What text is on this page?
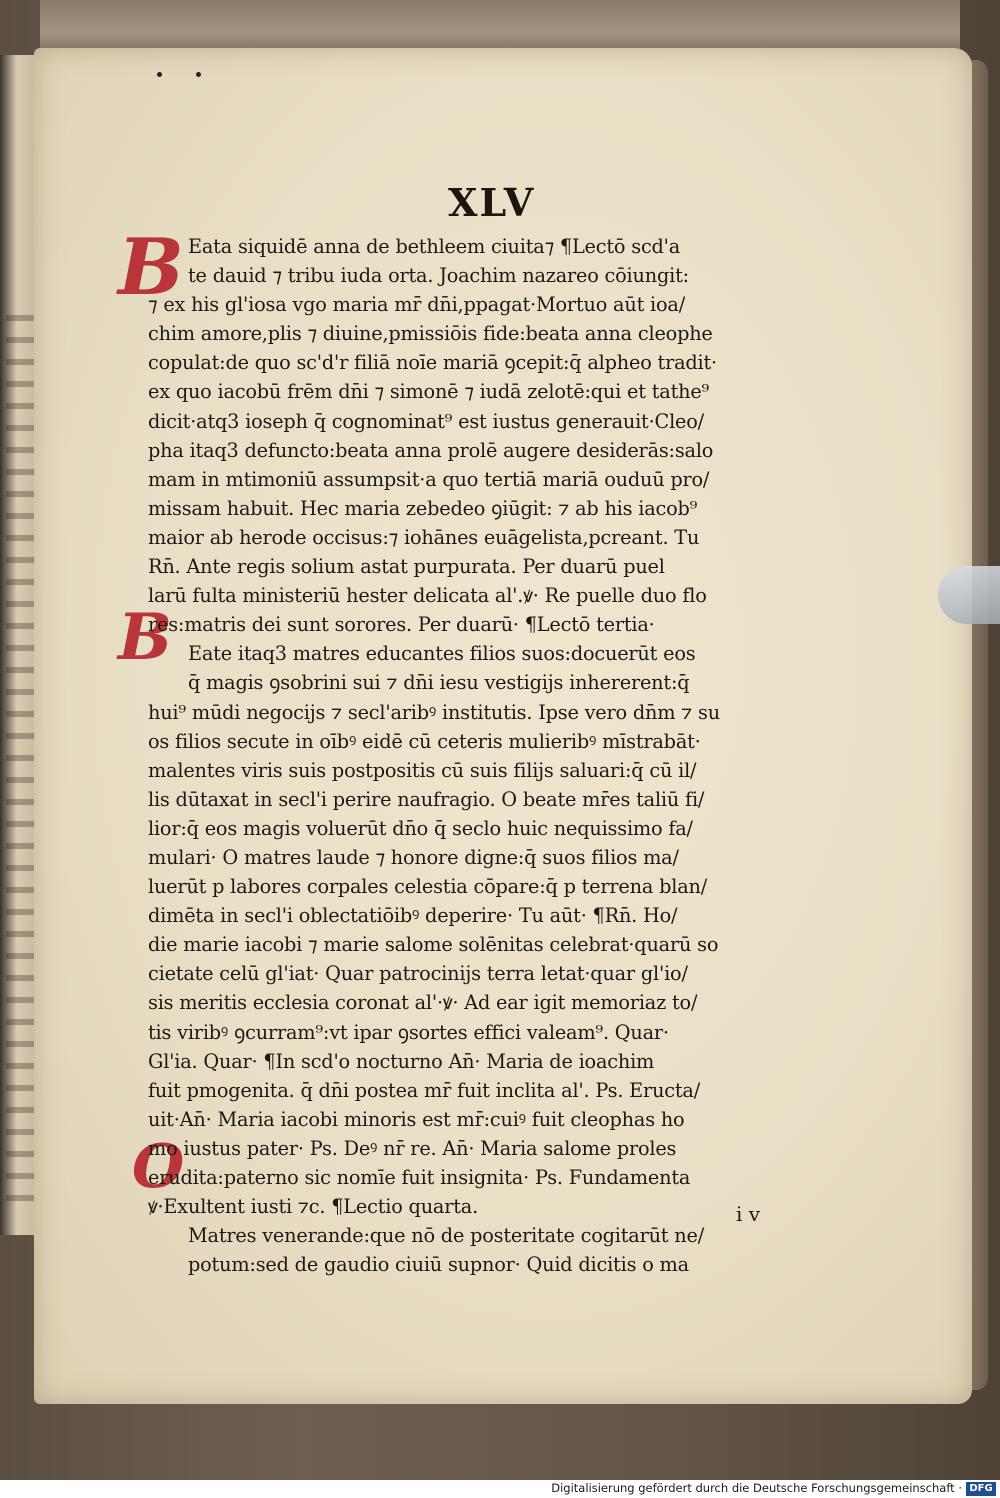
XLV
B
B
O
Eata siquidē anna de bethleem ciuita⁊ ¶Lectō scd'a
te dauid ⁊ tribu iuda orta. Joachim nazareo cōiungit:
⁊ ex his gl'iosa vgo maria mr̄ dn̄i,ppagat·Mortuo aūt ioa/
chim amore,plis ⁊ diuine,pmissiōis fide:beata anna cleophe
copulat:de quo sc'd'r filiā noīe mariā ꝯcepit:q̄ alpheo tradit·
ex quo iacobū frēm dn̄i ⁊ simonē ⁊ iudā zelotē:qui et tathe⁹
dicit·atq3 ioseph q̄ cognominat⁹ est iustus generauit·Cleo/
pha itaq3 defuncto:beata anna prolē augere desiderās:salo
mam in mtimoniū assumpsit·a quo tertiā mariā ouduū pro/
missam habuit. Hec maria zebedeo ꝯiūgit: ⁊ ab his iacob⁹
maior ab herode occisus:⁊ iohānes euāgelista,pcreant. Tu
Rn̄. Ante regis solium astat purpurata. Per duarū puel
larū fulta ministeriū hester delicata al'.ꝟ· Re puelle duo flo
res:matris dei sunt sorores. Per duarū· ¶Lectō tertia·
Eate itaq3 matres educantes filios suos:docuerūt eos
q̄ magis ꝯsobrini sui ⁊ dn̄i iesu vestigijs inhererent:q̄
hui⁹ mūdi negocijs ⁊ secl'aribꝰ institutis. Ipse vero dn̄m ⁊ su
os filios secute in oībꝰ eidē cū ceteris mulieribꝰ mīstrabāt·
malentes viris suis postpositis cū suis filijs saluari:q̄ cū il/
lis dūtaxat in secl'i perire naufragio. O beate mr̄es taliū fi/
lior:q̄ eos magis voluerūt dn̄o q̄ seclo huic nequissimo fa/
mulari· O matres laude ⁊ honore digne:q̄ suos filios ma/
luerūt p labores corpales celestia cōpare:q̄ p terrena blan/
dimēta in secl'i oblectatiōibꝰ deperire· Tu aūt· ¶Rn̄. Ho/
die marie iacobi ⁊ marie salome solēnitas celebrat·quarū so
cietate celū gl'iat· Quar patrocinijs terra letat·quar gl'io/
sis meritis ecclesia coronat al'·ꝟ· Ad ear igit memoriaz to/
tis viribꝰ ꝯcurram⁹:vt ipar ꝯsortes effici valeam⁹. Quar·
Gl'ia. Quar· ¶In scd'o nocturno An̄· Maria de ioachim
fuit pmogenita. q̄ dn̄i postea mr̄ fuit inclita al'. Ps. Eructa/
uit·An̄· Maria iacobi minoris est mr̄:cuiꝰ fuit cleophas ho
mo iustus pater· Ps. Deꝰ nr̄ re. An̄· Maria salome proles
erudita:paterno sic nomīe fuit insignita· Ps. Fundamenta
ꝟ·Exultent iusti ⁊c. ¶Lectio quarta.
Matres venerande:que nō de posteritate cogitarūt ne/
potum:sed de gaudio ciuiū supnor· Quid dicitis o ma
i v
Digitalisierung gefördert durch die Deutsche Forschungsgemeinschaft · DFG
